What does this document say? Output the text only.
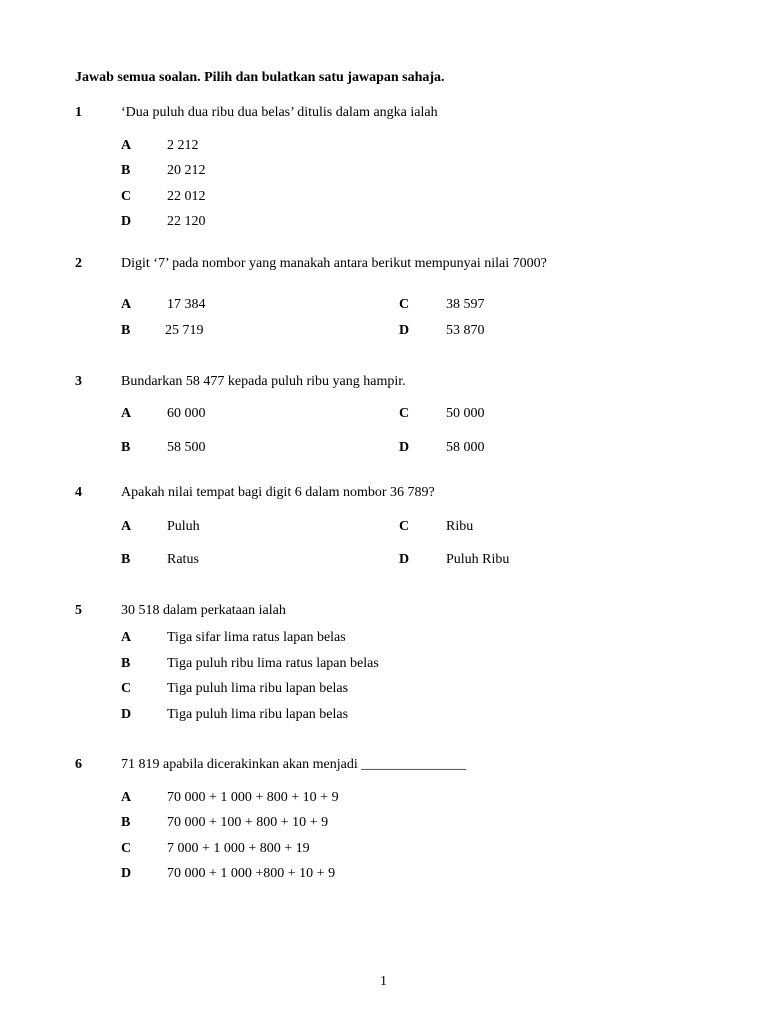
Jawab semua soalan. Pilih dan bulatkan satu jawapan sahaja.
1	‘Dua puluh dua ribu dua belas’ ditulis dalam angka ialah
A	2 212
B	20 212
C	22 012
D	22 120
2	Digit ‘7’ pada nombor yang manakah antara berikut mempunyai nilai 7000?
A	17 384	C	38 597
B 25 719	D	53 870
3	Bundarkan 58 477 kepada puluh ribu yang hampir.
A	60 000	C	50 000
B	58 500	D	58 000
4	Apakah nilai tempat bagi digit 6 dalam nombor 36 789?
A	Puluh	C	Ribu
B	Ratus	D	Puluh Ribu
5	30 518 dalam perkataan ialah
A	Tiga sifar lima ratus lapan belas
B	Tiga puluh ribu lima ratus lapan belas
C	Tiga puluh lima ribu lapan belas
D	Tiga puluh lima ribu lapan belas
6	71 819 apabila dicerakinkan akan menjadi _______________
A	70 000 + 1 000 + 800 + 10 + 9
B	70 000 + 100 + 800 + 10 + 9
C	7 000 + 1 000 + 800 + 19
D	70 000 + 1 000 +800 + 10 + 9
1
